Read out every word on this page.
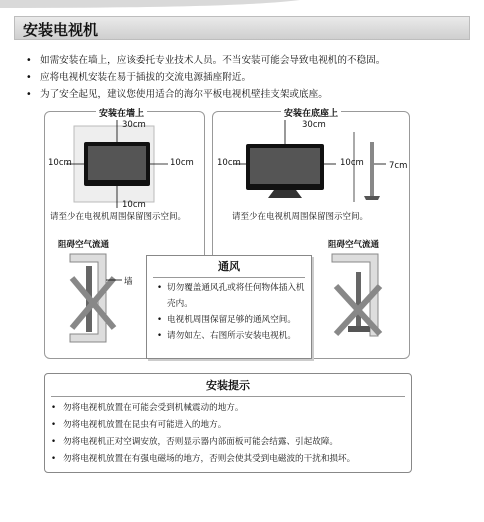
安装电视机
• 如需安装在墙上，应该委托专业技术人员。不当安装可能会导致电视机的不稳固。
• 应将电视机安装在易于插拔的交流电源插座附近。
• 为了安全起见，建议您使用适合的海尔平板电视机壁挂支架或底座。
安装在墙上
30cm
10cm	10cm
10cm
请至少在电视机周围保留图示空间。
安装在底座上
30cm
10cm	10cm	7cm
请至少在电视机周围保留图示空间。
阻碍空气流通
墙
阻碍空气流通
通风
• 切勿覆盖通风孔或将任何物体插入机壳内。
• 电视机周围保留足够的通风空间。
• 请勿如左、右图所示安装电视机。
安装提示
• 勿将电视机放置在可能会受到机械震动的地方。
• 勿将电视机放置在昆虫有可能进入的地方。
• 勿将电视机正对空调安放，否则显示器内部面板可能会结露、引起故障。
• 勿将电视机放置在有强电磁场的地方，否则会使其受到电磁波的干扰和损坏。
